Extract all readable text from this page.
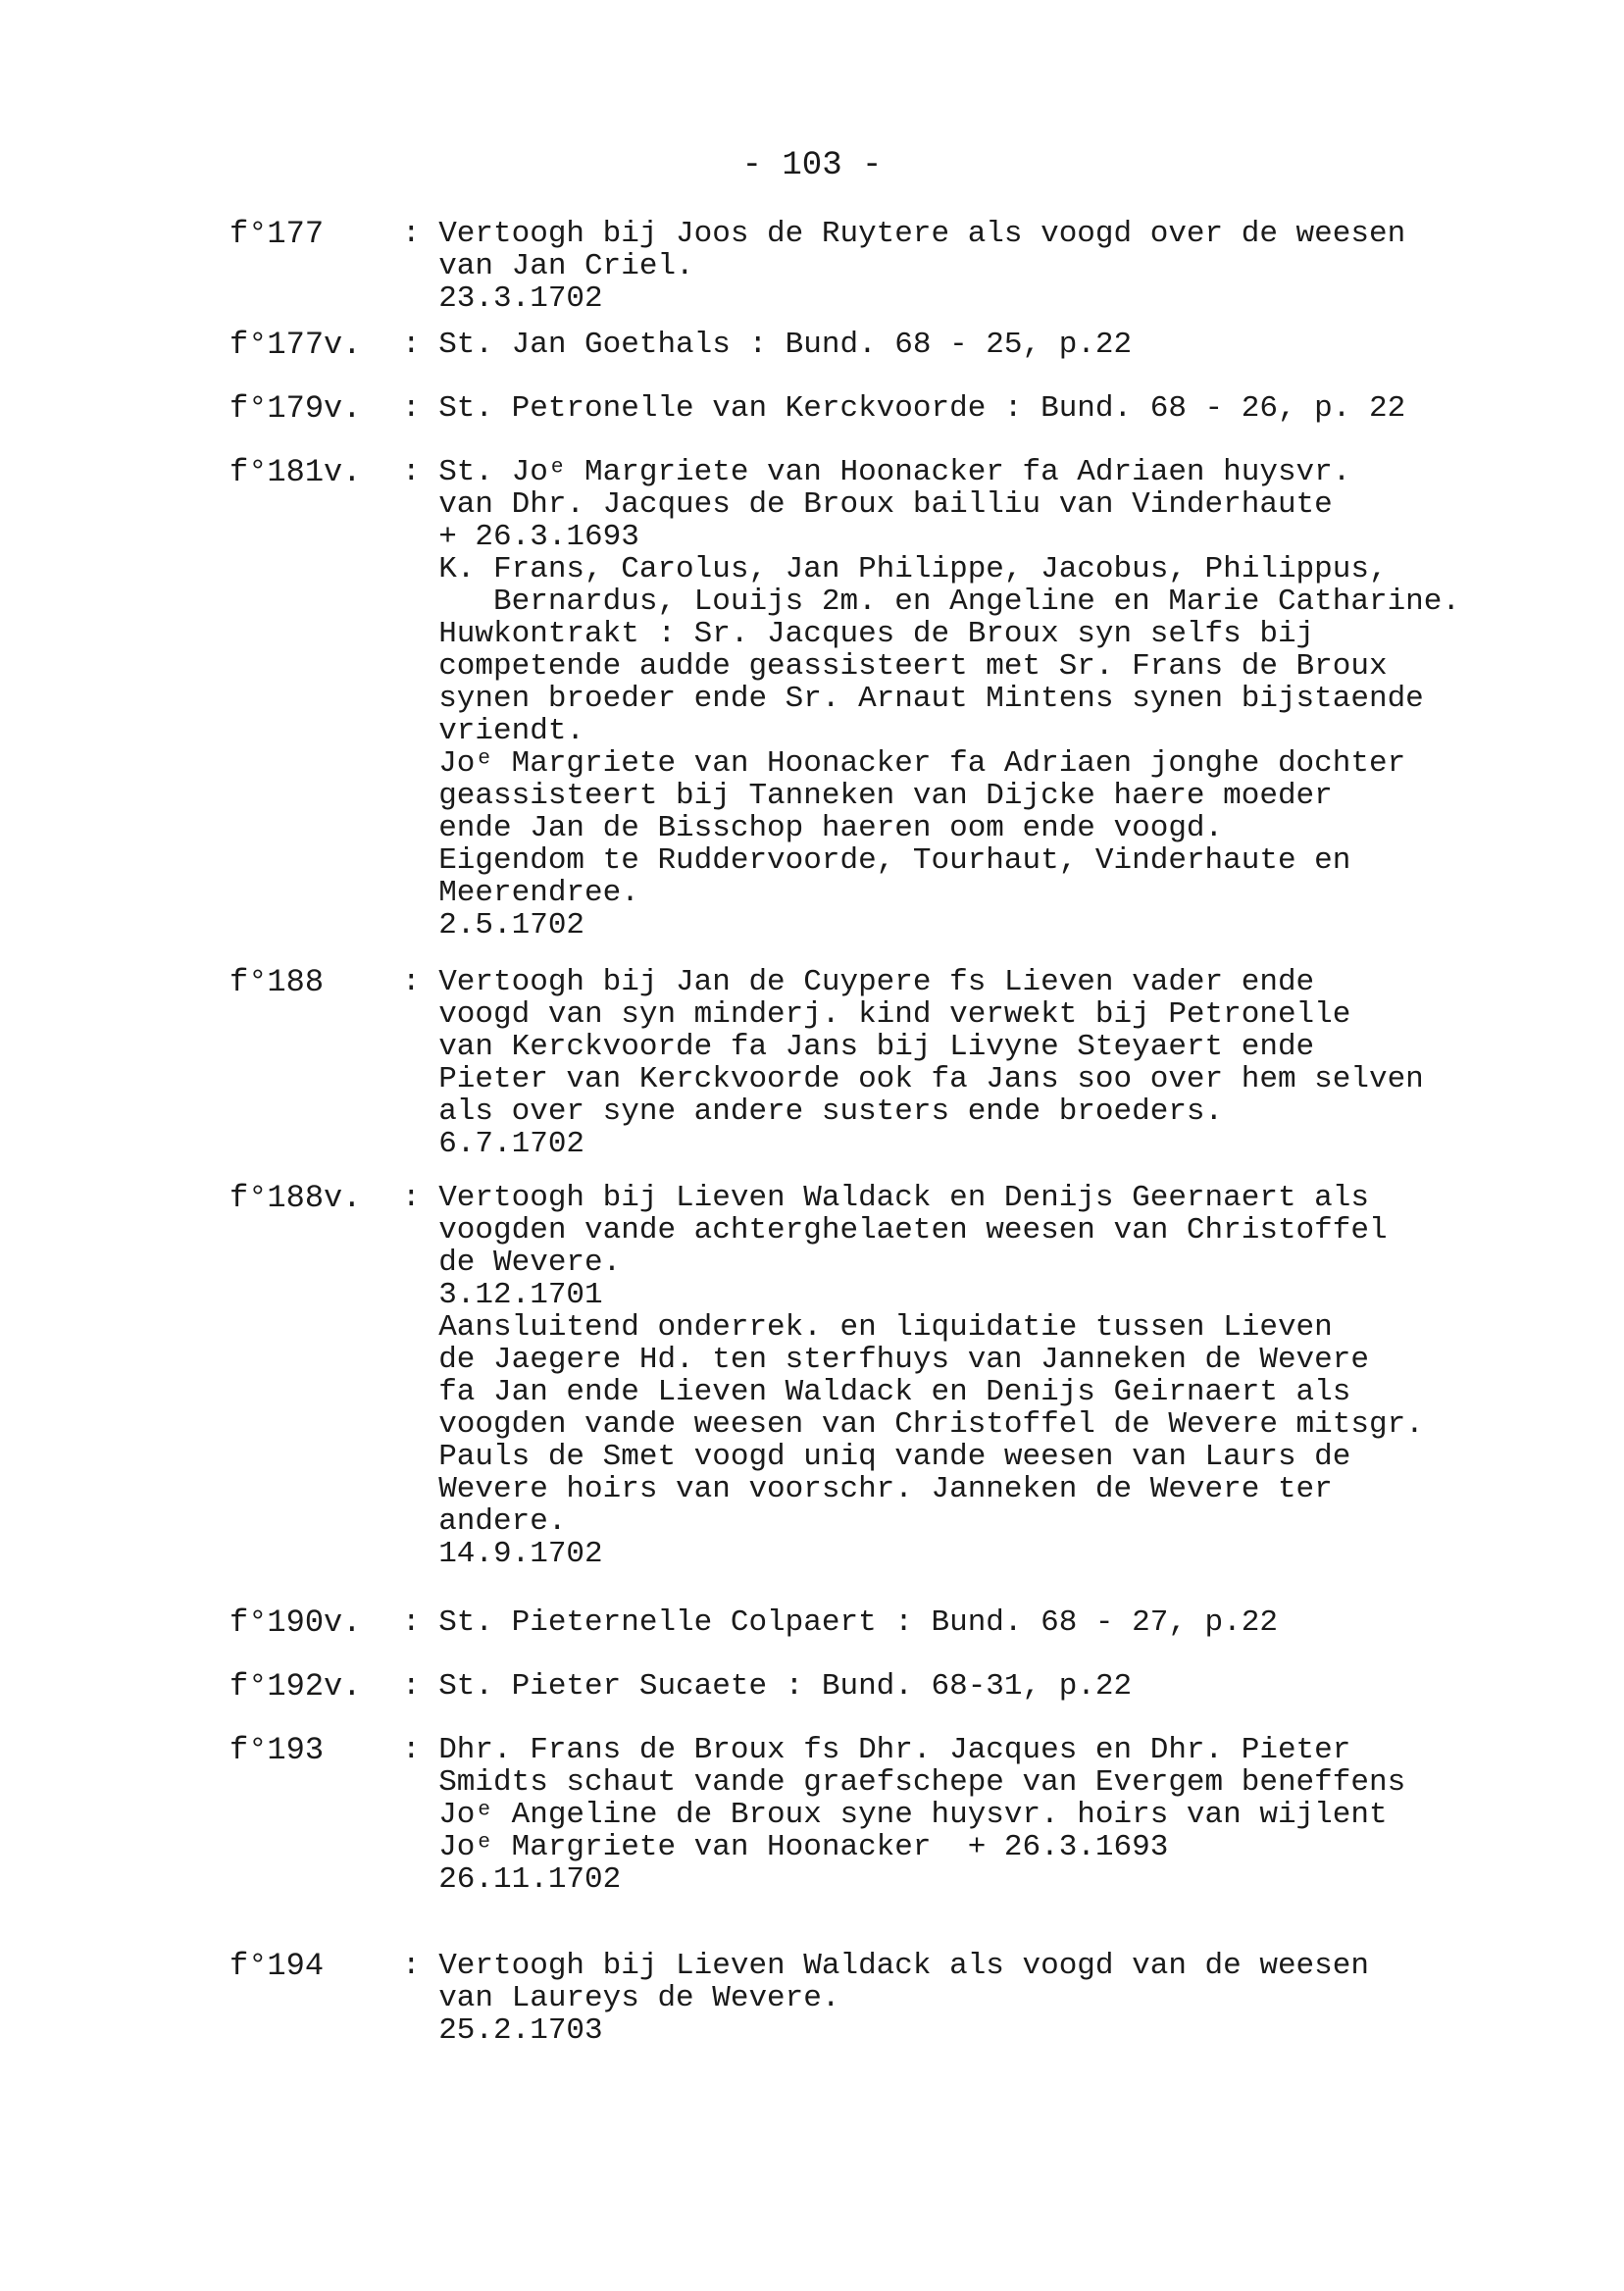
- 103 -
f°177	: Vertoogh bij Joos de Ruytere als voogd over de weesen
van Jan Criel.
23.3.1702
f°177v. : St. Jan Goethals : Bund. 68 - 25, p.22
f°179v. : St. Petronelle van Kerckvoorde : Bund. 68 - 26, p. 22
f°181v. : St. Joᵉ Margriete van Hoonacker fa Adriaen huysvr.
van Dhr. Jacques de Broux bailliu van Vinderhaute
+ 26.3.1693
K. Frans, Carolus, Jan Philippe, Jacobus, Philippus,
Bernardus, Louijs 2m. en Angeline en Marie Catharine.
Huwkontrakt : Sr. Jacques de Broux syn selfs bij
competende audde geassisteert met Sr. Frans de Broux
synen broeder ende Sr. Arnaut Mintens synen bijstaende
vriendt.
Joᵉ Margriete van Hoonacker fa Adriaen jonghe dochter
geassisteert bij Tanneken van Dijcke haere moeder
ende Jan de Bisschop haeren oom ende voogd.
Eigendom te Ruddervoorde, Tourhaut, Vinderhaute en
Meerendree.
2.5.1702
f°188	: Vertoogh bij Jan de Cuypere fs Lieven vader ende
voogd van syn minderj. kind verwekt bij Petronelle
van Kerckvoorde fa Jans bij Livyne Steyaert ende
Pieter van Kerckvoorde ook fa Jans soo over hem selven
als over syne andere susters ende broeders.
6.7.1702
f°188v. : Vertoogh bij Lieven Waldack en Denijs Geernaert als
voogden vande achterghelaeten weesen van Christoffel
de Wevere.
3.12.1701
Aansluitend onderrek. en liquidatie tussen Lieven
de Jaegere Hd. ten sterfhuys van Janneken de Wevere
fa Jan ende Lieven Waldack en Denijs Geirnaert als
voogden vande weesen van Christoffel de Wevere mitsgr.
Pauls de Smet voogd uniq vande weesen van Laurs de
Wevere hoirs van voorschr. Janneken de Wevere ter
andere.
14.9.1702
f°190v. : St. Pieternelle Colpaert : Bund. 68 - 27, p.22
f°192v. : St. Pieter Sucaete : Bund. 68-31, p.22
f°193	: Dhr. Frans de Broux fs Dhr. Jacques en Dhr. Pieter
Smidts schaut vande graefschepe van Evergem beneffens
Joᵉ Angeline de Broux syne huysvr. hoirs van wijlent
Joᵉ Margriete van Hoonacker  + 26.3.1693
26.11.1702
f°194	: Vertoogh bij Lieven Waldack als voogd van de weesen
van Laureys de Wevere.
25.2.1703
